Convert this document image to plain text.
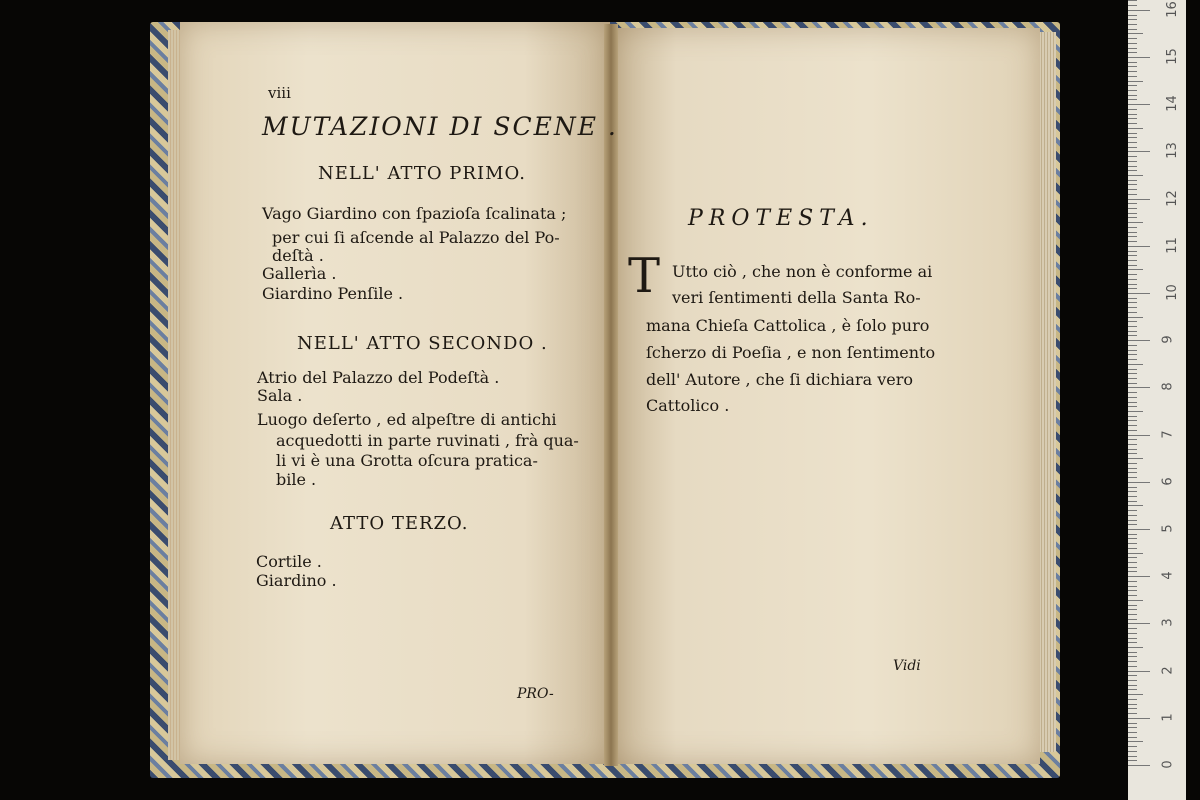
viii
MUTAZIONI DI SCENE .
NELL' ATTO PRIMO.
Vago Giardino con ſpazioſa ſcalinata ;
per cui ſi aſcende al Palazzo del Po-
deſtà .
Gallerìa .
Giardino Penſile .
NELL' ATTO SECONDO .
Atrio del Palazzo del Podeſtà .
Sala .
Luogo deſerto , ed alpeſtre di antichi
acquedotti in parte ruvinati , frà qua-
li vi è una Grotta oſcura pratica-
bile .
ATTO TERZO.
Cortile .
Giardino .
PRO-
PROTESTA.
T Utto ciò , che non è conforme ai
veri ſentimenti della Santa Ro-
mana Chieſa Cattolica , è ſolo puro
ſcherzo di Poeſia , e non ſentimento
dell' Autore , che ſi dichiara vero
Cattolico .
Vidi
0
1
2
3
4
5
6
7
8
9
10
11
12
13
14
15
16
